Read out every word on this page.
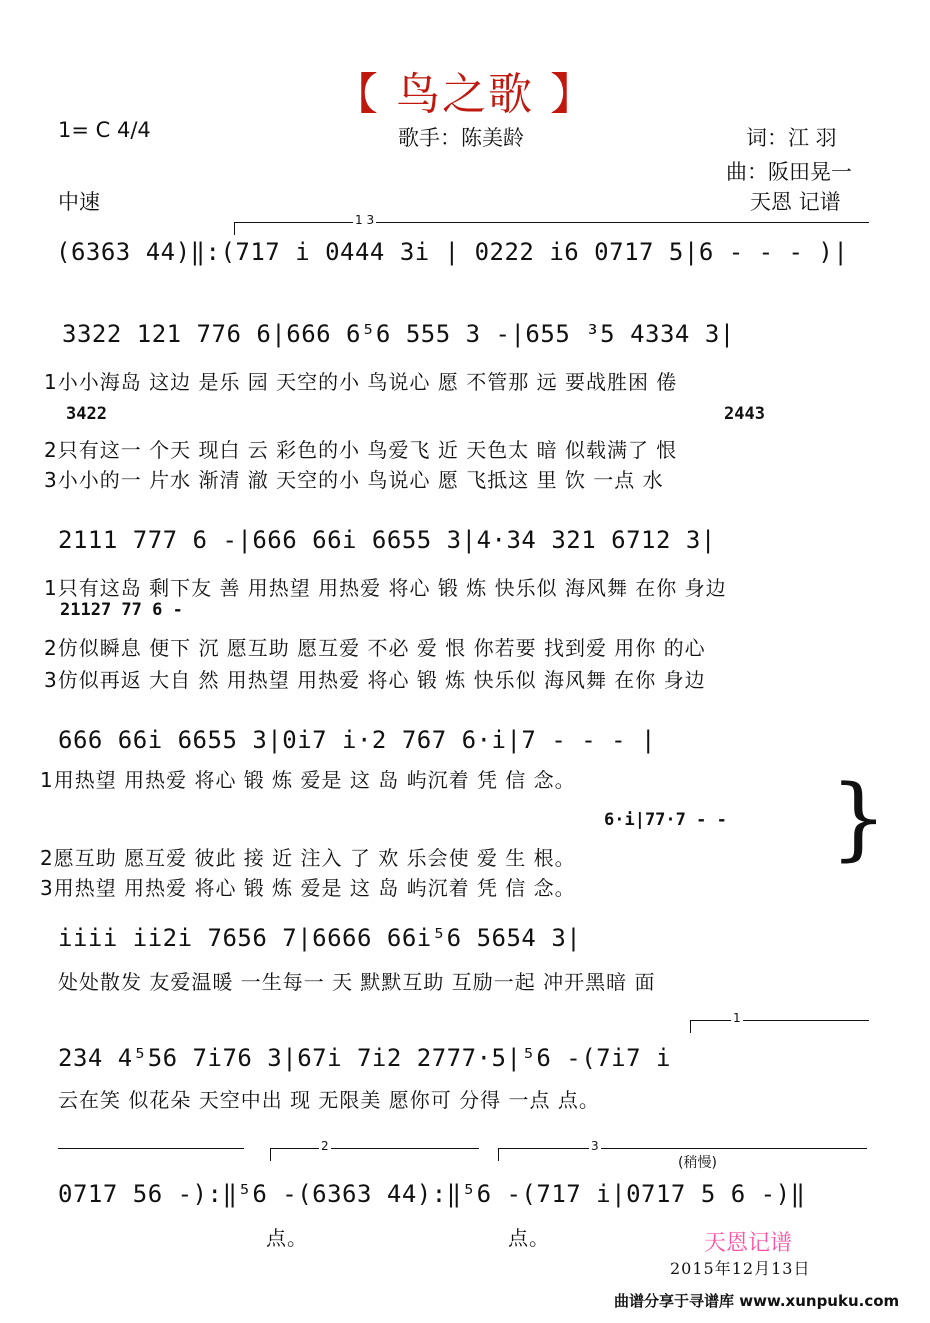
【 鸟之歌 】
1= C 4/4	歌手：陈美龄	词：江 羽
曲：阪田晃一
中速	天恩 记谱
1 3
(6363 44)‖:(717 i 0444 3i | 0222 i6 0717 5|6 - - - )|
3322 121 776 6|666 6⁵6 555 3 -|655 ³5 4334 3|
1小小海岛 这边 是乐 园 天空的小 鸟说心 愿 不管那 远 要战胜困 倦
3422	2443
2只有这一 个天 现白 云 彩色的小 鸟爱飞 近 天色太 暗 似载满了 恨
3小小的一 片水 渐清 澈 天空的小 鸟说心 愿 飞抵这 里 饮 一点 水
2111 777 6 -|666 66i 6655 3|4·34 321 6712 3|
1只有这岛 剩下友 善 用热望 用热爱 将心 锻 炼 快乐似 海风舞 在你 身边
21127 77 6 -
2仿似瞬息 便下 沉 愿互助 愿互爱 不必 爱 恨 你若要 找到爱 用你 的心
3仿似再返 大自 然 用热望 用热爱 将心 锻 炼 快乐似 海风舞 在你 身边
666 66i 6655 3|0i7 i·2 767 6·i|7 - - - |
1用热望 用热爱 将心 锻 炼 爱是 这 岛 屿沉着 凭 信 念。
6·i|77·7 - - }
2愿互助 愿互爱 彼此 接 近 注入 了 欢 乐会使 爱 生 根。
3用热望 用热爱 将心 锻 炼 爱是 这 岛 屿沉着 凭 信 念。
iiii ii2i 7656 7|6666 66i⁵6 5654 3|
处处散发 友爱温暖 一生每一 天 默默互助 互励一起 冲开黑暗 面
1
234 4⁵56 7i76 3|67i 7i2 2777·5|⁵6 -(7i7 i
云在笑 似花朵 天空中出 现 无限美 愿你可 分得 一点 点。
2	3
(稍慢)
0717 56 -):‖⁵6 -(6363 44):‖⁵6 -(717 i|0717 5 6 -)‖
点。	点。	天恩记谱
2015年12月13日
曲谱分享于寻谱库 www.xunpuku.com
